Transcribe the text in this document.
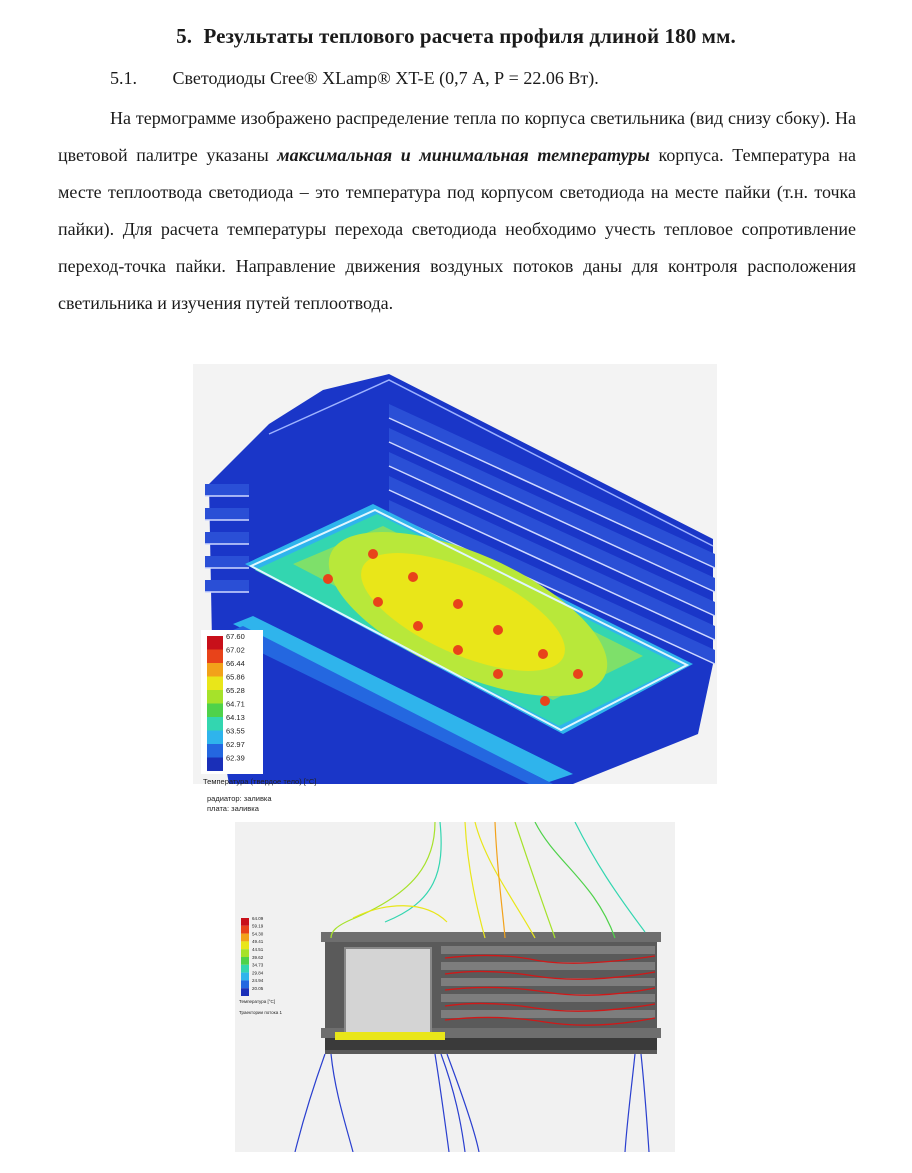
5. Результаты теплового расчета профиля длиной 180 мм.
5.1. Светодиоды Cree® XLamp® XT-E (0,7 А, Р = 22.06 Вт).

На термограмме изображено распределение тепла по корпуса светильника (вид снизу сбоку). На цветовой палитре указаны максимальная и минимальная температуры корпуса. Температура на месте теплоотвода светодиода – это температура под корпусом светодиода на месте пайки (т.н. точка пайки). Для расчета температуры перехода светодиода необходимо учесть тепловое сопротивление переход-точка пайки. Направление движения воздуных потоков даны для контроля расположения светильника и изучения путей теплоотвода.

67.60
67.02
66.44
65.86
65.28
64.71
64.13
63.55
62.97
62.39
Температура (твердое тело) [°C]
радиатор: заливка
плата: заливка
64.09
59.19
54.30
49.41
44.51
39.62
34.73
29.84
24.94
20.05
Температура [°C]
Траектории потока 1
